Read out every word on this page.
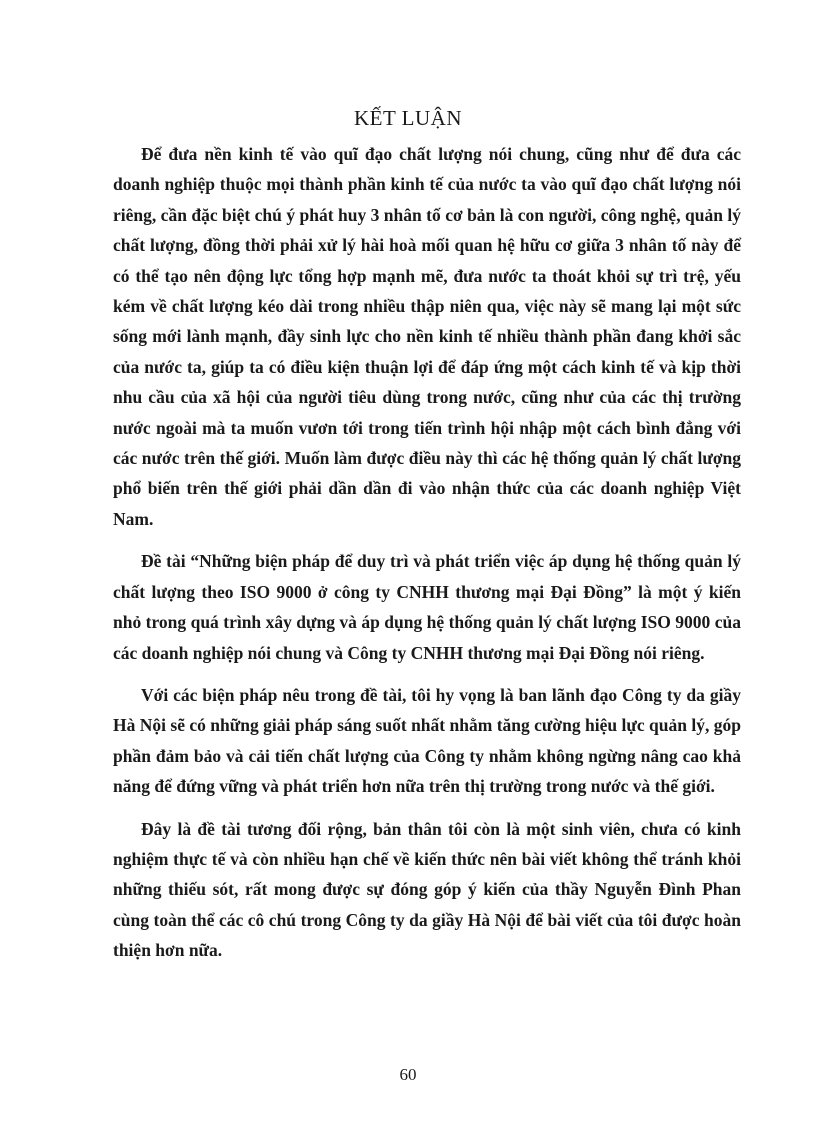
KẾT LUẬN

Để đưa nền kinh tế vào quĩ đạo chất lượng nói chung, cũng như để đưa các doanh nghiệp thuộc mọi thành phần kinh tế của nước ta vào quĩ đạo chất lượng nói riêng, cần đặc biệt chú ý phát huy 3 nhân tố cơ bản là con người, công nghệ, quản lý chất lượng, đồng thời phải xử lý hài hoà mối quan hệ hữu cơ giữa 3 nhân tố này để có thể tạo nên động lực tổng hợp mạnh mẽ, đưa nước ta thoát khỏi sự trì trệ, yếu kém về chất lượng kéo dài trong nhiều thập niên qua, việc này sẽ mang lại một sức sống mới lành mạnh, đầy sinh lực cho nền kinh tế nhiều thành phần đang khởi sắc của nước ta, giúp ta có điều kiện thuận lợi để đáp ứng một cách kinh tế và kịp thời nhu cầu của xã hội của người tiêu dùng trong nước, cũng như của các thị trường nước ngoài mà ta muốn vươn tới trong tiến trình hội nhập một cách bình đẳng với các nước trên thế giới. Muốn làm được điều này thì các hệ thống quản lý chất lượng phổ biến trên thế giới phải dần dần đi vào nhận thức của các doanh nghiệp Việt Nam.

Đề tài “Những biện pháp để duy trì và phát triển việc áp dụng hệ thống quản lý chất lượng theo ISO 9000 ở công ty CNHH thương mại Đại Đồng” là một ý kiến nhỏ trong quá trình xây dựng và áp dụng hệ thống quản lý chất lượng ISO 9000 của các doanh nghiệp nói chung và Công ty CNHH thương mại Đại Đồng nói riêng.

Với các biện pháp nêu trong đề tài, tôi hy vọng là ban lãnh đạo Công ty da giầy Hà Nội sẽ có những giải pháp sáng suốt nhất nhằm tăng cường hiệu lực quản lý, góp phần đảm bảo và cải tiến chất lượng của Công ty nhằm không ngừng nâng cao khả năng để đứng vững và phát triển hơn nữa trên thị trường trong nước và thế giới.

Đây là đề tài tương đối rộng, bản thân tôi còn là một sinh viên, chưa có kinh nghiệm thực tế và còn nhiều hạn chế về kiến thức nên bài viết không thể tránh khỏi những thiếu sót, rất mong được sự đóng góp ý kiến của thầy Nguyễn Đình Phan cùng toàn thể các cô chú trong Công ty da giầy Hà Nội để bài viết của tôi được hoàn thiện hơn nữa.

60
